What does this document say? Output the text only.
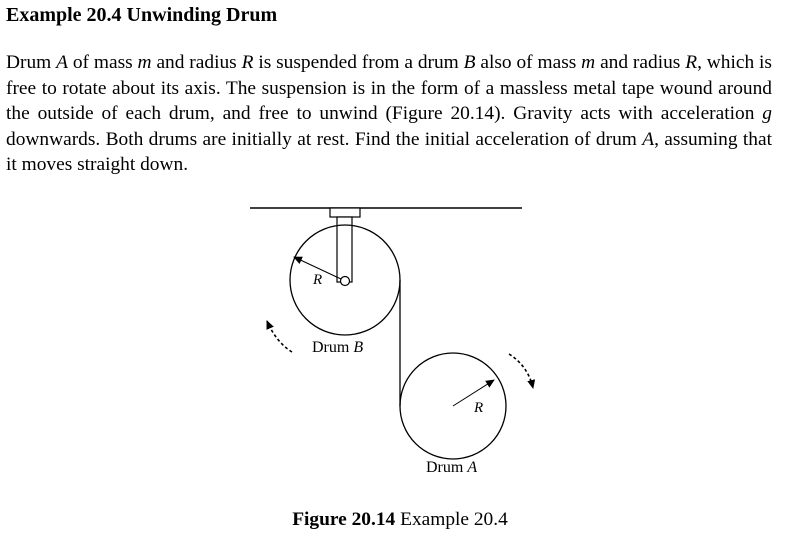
Example 20.4 Unwinding Drum

Drum A of mass m and radius R is suspended from a drum B also of mass m and radius R, which is free to rotate about its axis. The suspension is in the form of a massless metal tape wound around the outside of each drum, and free to unwind (Figure 20.14). Gravity acts with acceleration g downwards. Both drums are initially at rest. Find the initial acceleration of drum A, assuming that it moves straight down.

R
R
Drum B
Drum A

Figure 20.14 Example 20.4
